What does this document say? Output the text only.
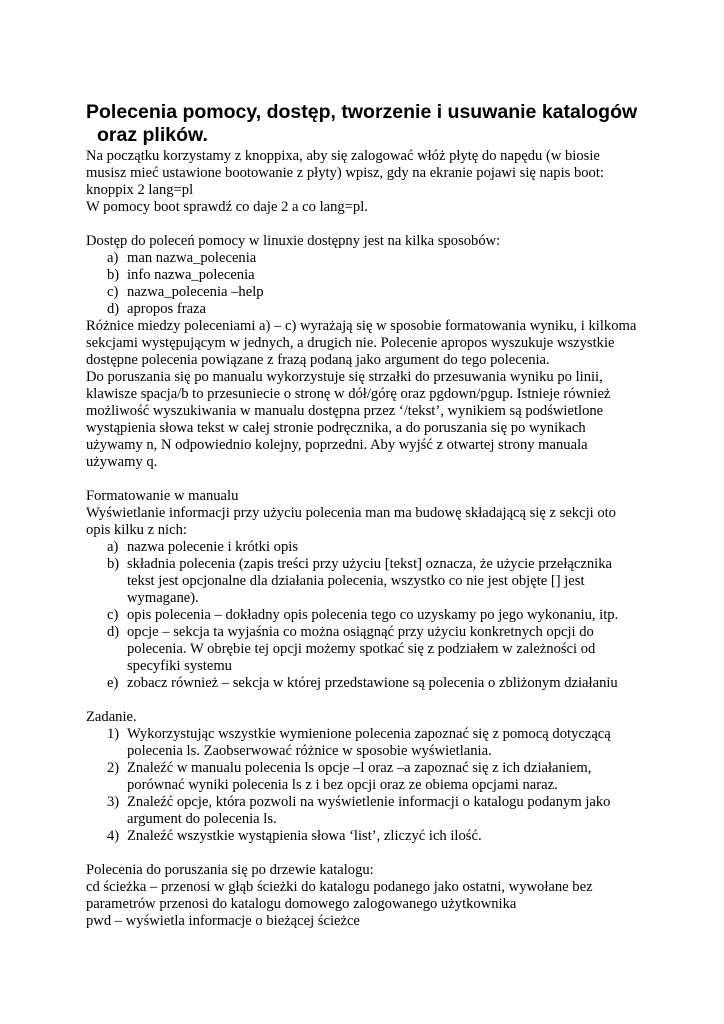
Polecenia pomocy, dostęp, tworzenie i usuwanie katalogów
oraz plików.

Na początku korzystamy z knoppixa, aby się zalogować włóż płytę do napędu (w biosie

musisz mieć ustawione bootowanie z płyty) wpisz, gdy na ekranie pojawi się napis boot:

knoppix 2 lang=pl

W pomocy boot sprawdź co daje 2 a co lang=pl.

Dostęp do poleceń pomocy w linuxie dostępny jest na kilka sposobów:

a) man nazwa_polecenia
b) info nazwa_polecenia
c) nazwa_polecenia –help
d) apropos fraza

Różnice miedzy poleceniami a) – c) wyrażają się w sposobie formatowania wyniku, i kilkoma

sekcjami występującym w jednych, a drugich nie. Polecenie apropos wyszukuje wszystkie

dostępne polecenia powiązane z frazą podaną jako argument do tego polecenia.

Do poruszania się po manualu wykorzystuje się strzałki do przesuwania wyniku po linii,

klawisze spacja/b to przesuniecie o stronę w dół/górę oraz pgdown/pgup. Istnieje również

możliwość wyszukiwania w manualu dostępna przez ‘/tekst’, wynikiem są podświetlone

wystąpienia słowa tekst w całej stronie podręcznika, a do poruszania się po wynikach

używamy n, N odpowiednio kolejny, poprzedni. Aby wyjść z otwartej strony manuala

używamy q.

Formatowanie w manualu

Wyświetlanie informacji przy użyciu polecenia man ma budowę składającą się z sekcji oto

opis kilku z nich:

a) nazwa polecenie i krótki opis
b) składnia polecenia (zapis treści przy użyciu [tekst] oznacza, że użycie przełącznika
tekst jest opcjonalne dla działania polecenia, wszystko co nie jest objęte [] jest
wymagane).
c) opis polecenia – dokładny opis polecenia tego co uzyskamy po jego wykonaniu, itp.
d) opcje – sekcja ta wyjaśnia co można osiągnąć przy użyciu konkretnych opcji do
polecenia. W obrębie tej opcji możemy spotkać się z podziałem w zależności od
specyfiki systemu
e) zobacz również – sekcja w której przedstawione są polecenia o zbliżonym działaniu

Zadanie.

1) Wykorzystując wszystkie wymienione polecenia zapoznać się z pomocą dotyczącą
polecenia ls. Zaobserwować różnice w sposobie wyświetlania.
2) Znaleźć w manualu polecenia ls opcje –l oraz –a zapoznać się z ich działaniem,
porównać wyniki polecenia ls z i bez opcji oraz ze obiema opcjami naraz.
3) Znaleźć opcje, która pozwoli na wyświetlenie informacji o katalogu podanym jako
argument do polecenia ls.
4) Znaleźć wszystkie wystąpienia słowa ‘list’, zliczyć ich ilość.

Polecenia do poruszania się po drzewie katalogu:

cd ścieżka – przenosi w głąb ścieżki do katalogu podanego jako ostatni, wywołane bez

parametrów przenosi do katalogu domowego zalogowanego użytkownika

pwd – wyświetla informacje o bieżącej ścieżce
